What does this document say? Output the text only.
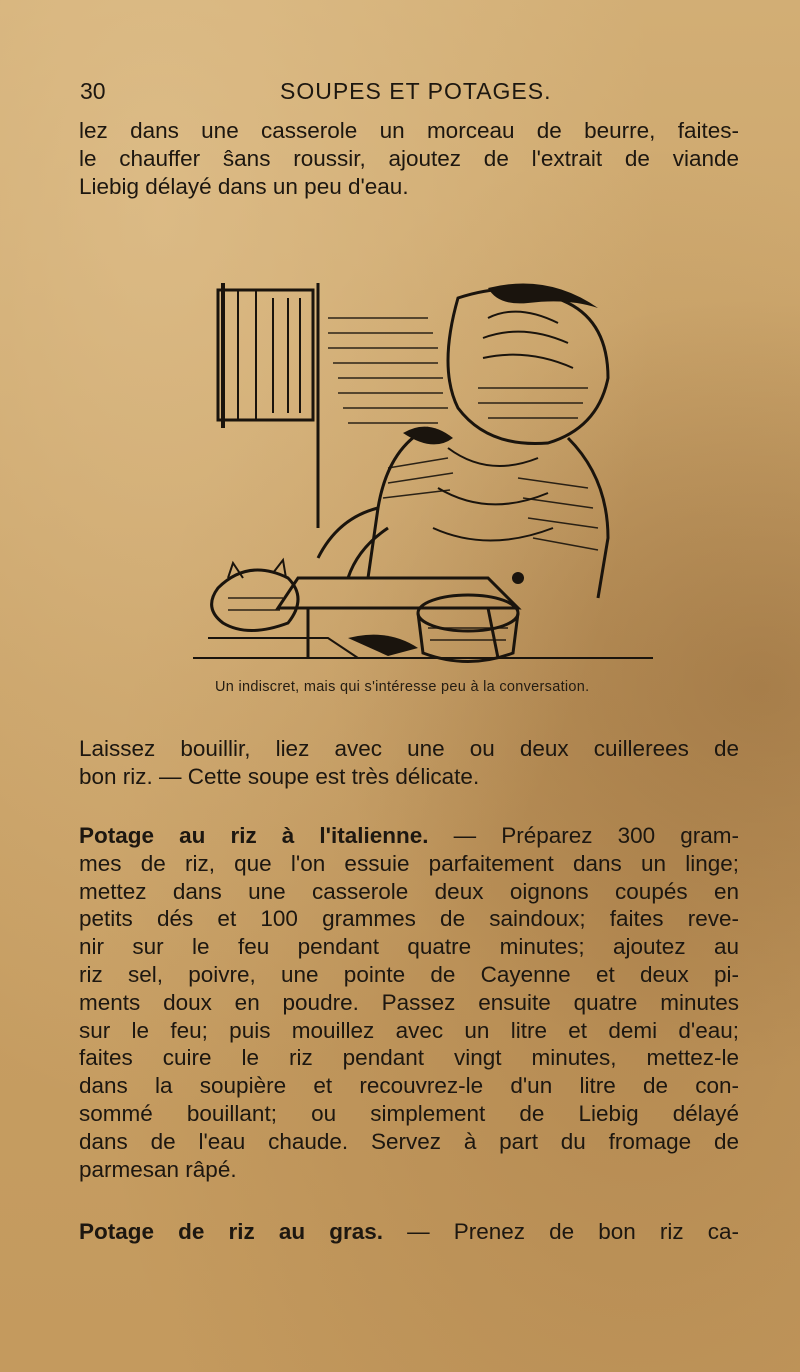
30	SOUPES ET POTAGES.

lez dans une casserole un morceau de beurre, faites-
le chauffer ŝans roussir, ajoutez de l'extrait de viande
Liebig délayé dans un peu d'eau.

Un indiscret, mais qui s'intéresse peu à la conversation.

Laissez bouillir, liez avec une ou deux cuillerees de
bon riz. — Cette soupe est très délicate.

Potage au riz à l'italienne. — Préparez 300 gram-
mes de riz, que l'on essuie parfaitement dans un linge;
mettez dans une casserole deux oignons coupés en
petits dés et 100 grammes de saindoux; faites reve-
nir sur le feu pendant quatre minutes; ajoutez au
riz sel, poivre, une pointe de Cayenne et deux pi-
ments doux en poudre. Passez ensuite quatre minutes
sur le feu; puis mouillez avec un litre et demi d'eau;
faites cuire le riz pendant vingt minutes, mettez-le
dans la soupière et recouvrez-le d'un litre de con-
sommé bouillant; ou simplement de Liebig délayé
dans de l'eau chaude. Servez à part du fromage de
parmesan râpé.

Potage de riz au gras. — Prenez de bon riz ca-
